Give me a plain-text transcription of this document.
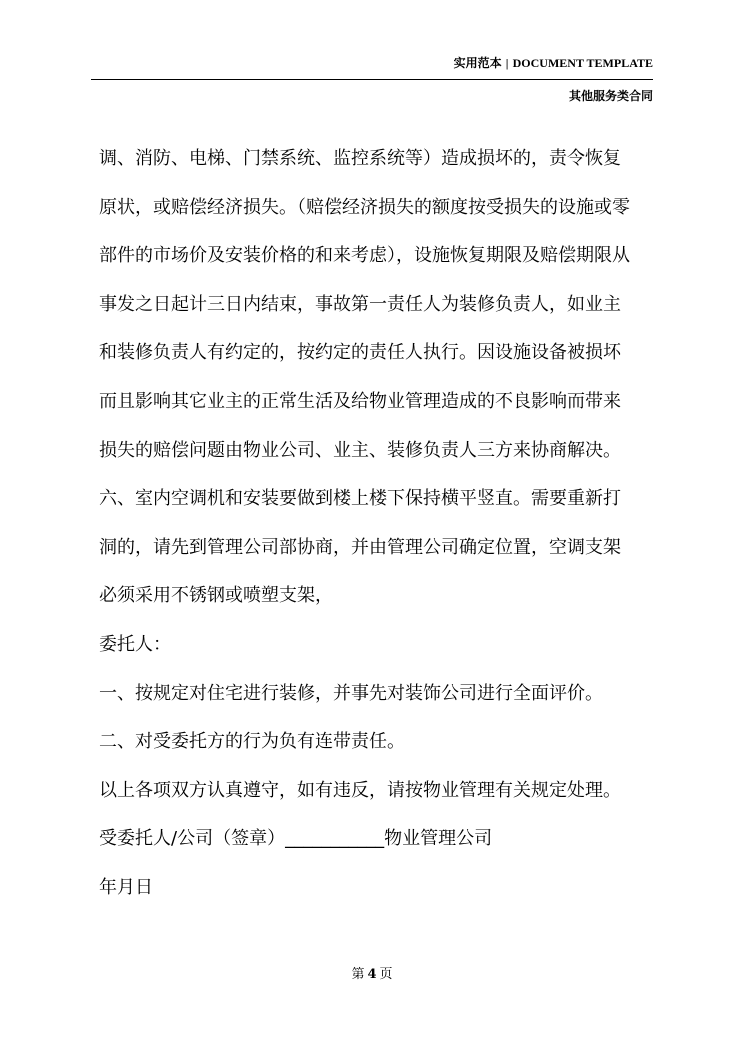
实用范本 | DOCUMENT TEMPLATE
其他服务类合同

调、消防、电梯、门禁系统、监控系统等）造成损坏的，责令恢复

原状，或赔偿经济损失。（赔偿经济损失的额度按受损失的设施或零

部件的市场价及安装价格的和来考虑），设施恢复期限及赔偿期限从

事发之日起计三日内结束，事故第一责任人为装修负责人，如业主

和装修负责人有约定的，按约定的责任人执行。因设施设备被损坏

而且影响其它业主的正常生活及给物业管理造成的不良影响而带来

损失的赔偿问题由物业公司、业主、装修负责人三方来协商解决。

六、室内空调机和安装要做到楼上楼下保持横平竖直。需要重新打

洞的，请先到管理公司部协商，并由管理公司确定位置，空调支架

必须采用不锈钢或喷塑支架，

委托人：

一、按规定对住宅进行装修，并事先对装饰公司进行全面评价。

二、对受委托方的行为负有连带责任。

以上各项双方认真遵守，如有违反，请按物业管理有关规定处理。

受委托人/公司（签章）___________物业管理公司

年月日

第 4 页
